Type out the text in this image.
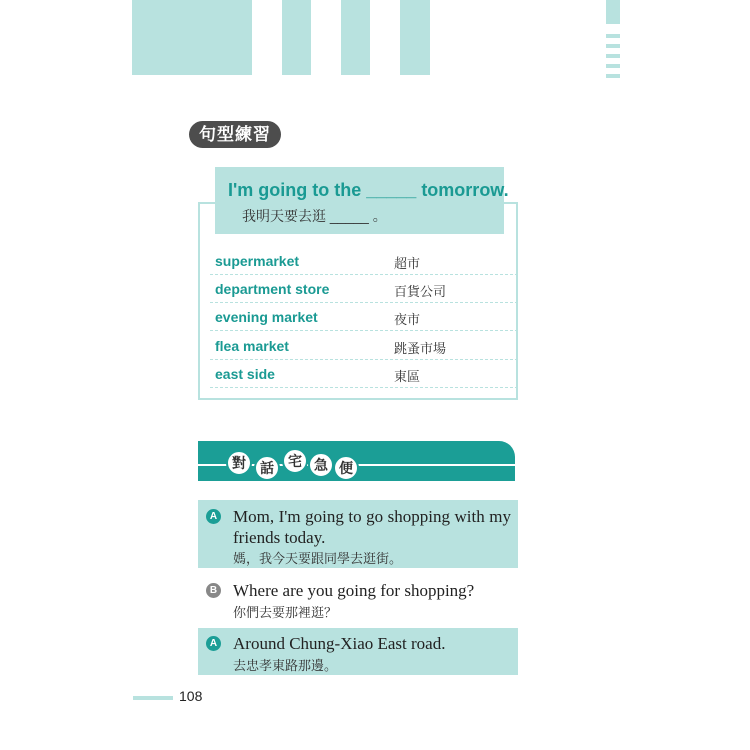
句型練習
I'm going to the _____ tomorrow.
我明天要去逛 _____ 。
supermarket	超市
department store	百貨公司
evening market	夜市
flea market	跳蚤市場
east side	東區
對	話	宅 急 便
A Mom, I'm going to go shopping with my friends today.
媽，我今天要跟同學去逛街。
B Where are you going for shopping?
你們去要那裡逛？
A Around Chung-Xiao East road.
去忠孝東路那邊。
108
